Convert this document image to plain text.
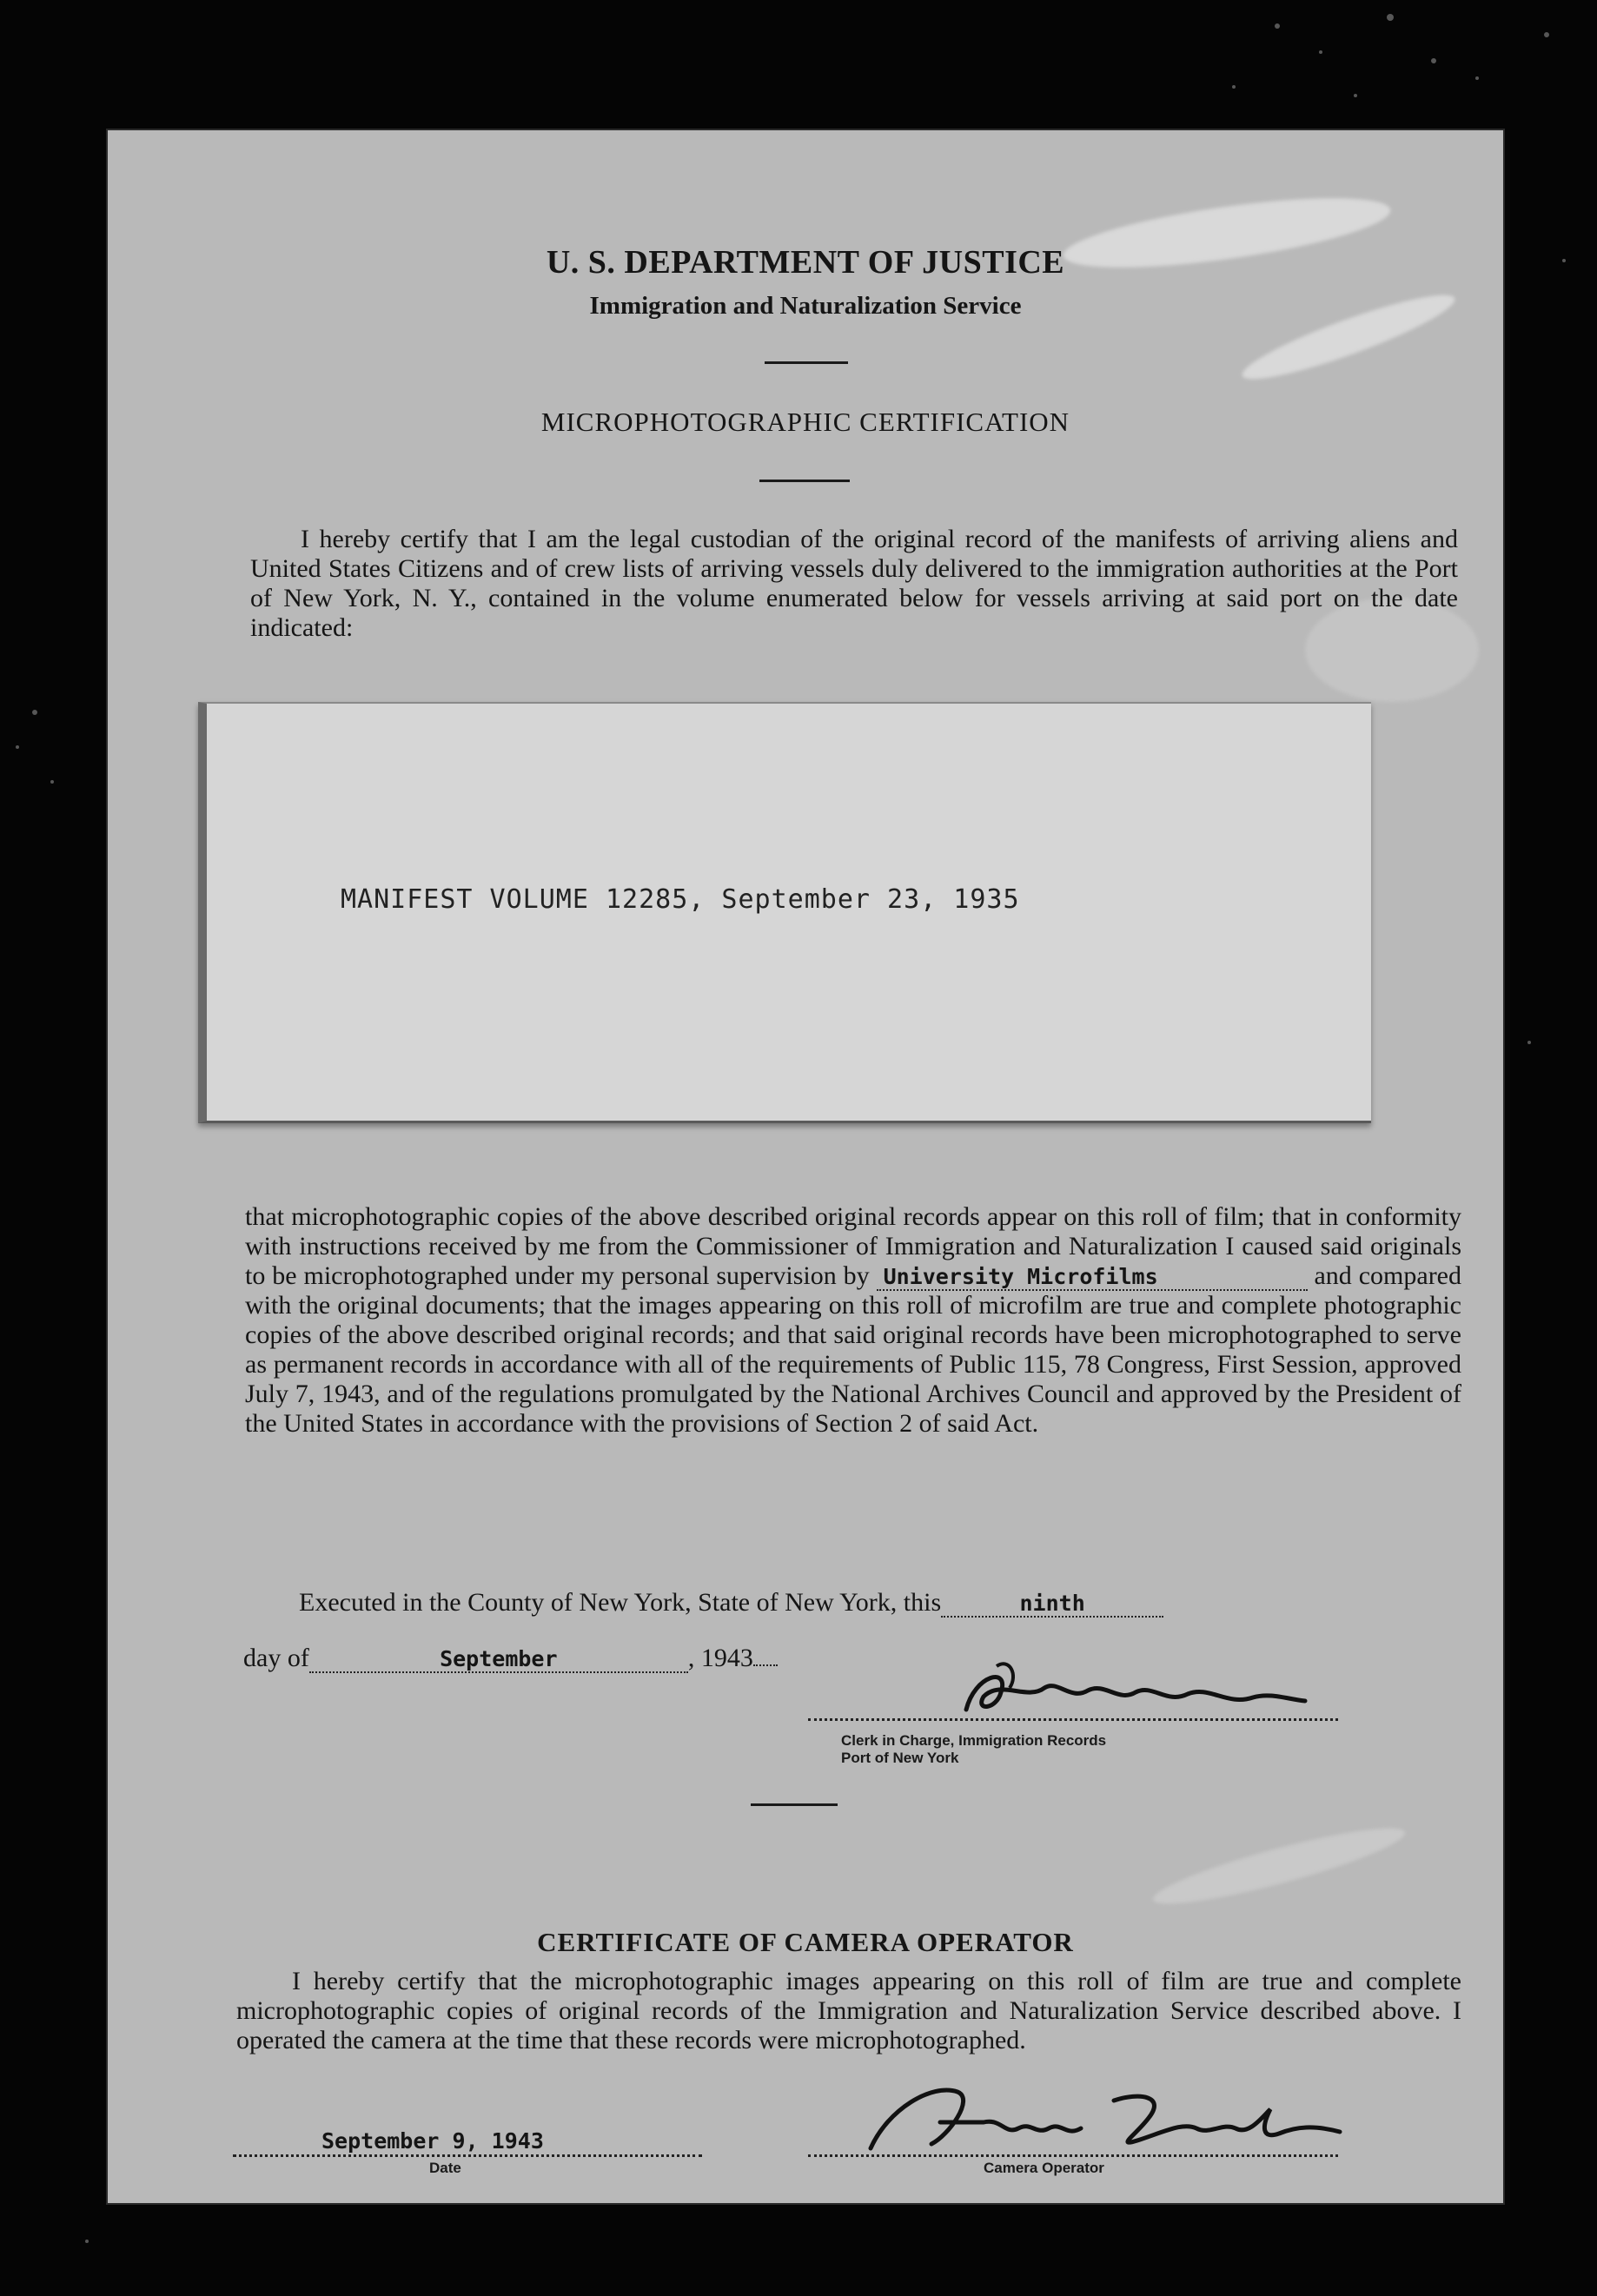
U. S. DEPARTMENT OF JUSTICE
Immigration and Naturalization Service
MICROPHOTOGRAPHIC CERTIFICATION
I hereby certify that I am the legal custodian of the original record of the manifests of arriving aliens and United States Citizens and of crew lists of arriving vessels duly delivered to the immigration authorities at the Port of New York, N. Y., contained in the volume enumerated below for vessels arriving at said port on the date indicated:
MANIFEST VOLUME 12285, September 23, 1935
that microphotographic copies of the above described original records appear on this roll of film; that in conformity with instructions received by me from the Commissioner of Immigration and Naturalization I caused said originals to be microphotographed under my personal supervision by University Microfilms	and compared with the original documents; that the images appearing on this roll of microfilm are true and complete photographic copies of the above described original records; and that said original records have been microphotographed to serve as permanent records in accordance with all of the requirements of Public 115, 78 Congress, First Session, approved July 7, 1943, and of the regulations promulgated by the National Archives Council and approved by the President of the United States in accordance with the provisions of Section 2 of said Act.
Executed in the County of New York, State of New York, this	ninth
day of	September	, 1943
Clerk in Charge, Immigration Records
Port of New York
CERTIFICATE OF CAMERA OPERATOR
I hereby certify that the microphotographic images appearing on this roll of film are true and complete microphotographic copies of original records of the Immigration and Naturalization Service described above. I operated the camera at the time that these records were microphotographed.
September 9, 1943
Date	Camera Operator
